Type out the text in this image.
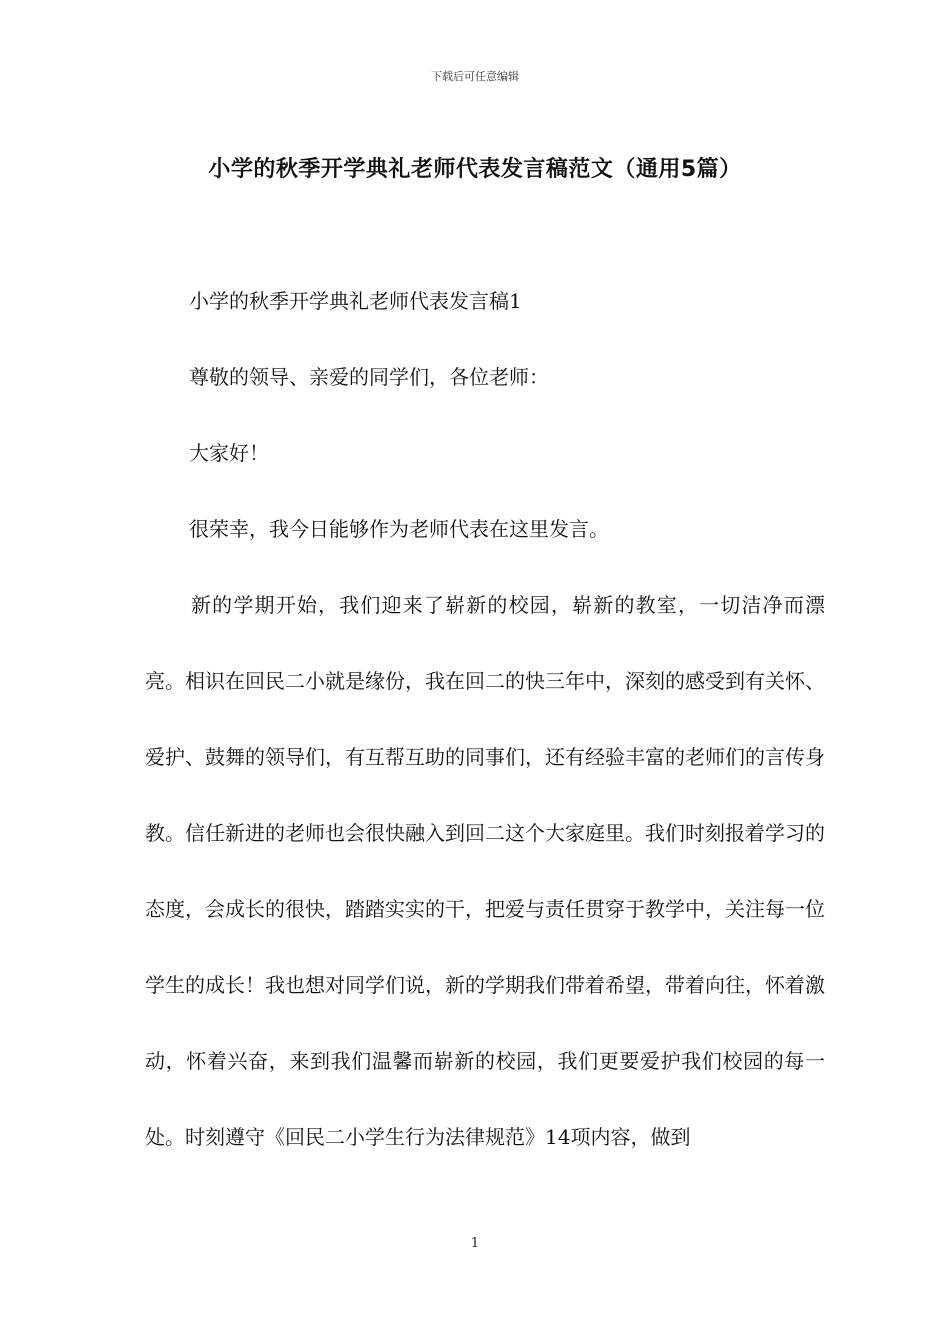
下载后可任意编辑
小学的秋季开学典礼老师代表发言稿范文（通用5篇）

小学的秋季开学典礼老师代表发言稿1

尊敬的领导、亲爱的同学们，各位老师：

大家好！

很荣幸，我今日能够作为老师代表在这里发言。

新的学期开始，我们迎来了崭新的校园，崭新的教室，一切洁净而漂亮。相识在回民二小就是缘份，我在回二的快三年中，深刻的感受到有关怀、爱护、鼓舞的领导们，有互帮互助的同事们，还有经验丰富的老师们的言传身教。信任新进的老师也会很快融入到回二这个大家庭里。我们时刻报着学习的态度，会成长的很快，踏踏实实的干，把爱与责任贯穿于教学中，关注每一位学生的成长！我也想对同学们说，新的学期我们带着希望，带着向往，怀着激动，怀着兴奋，来到我们温馨而崭新的校园，我们更要爱护我们校园的每一处。时刻遵守《回民二小学生行为法律规范》14项内容，做到

1
